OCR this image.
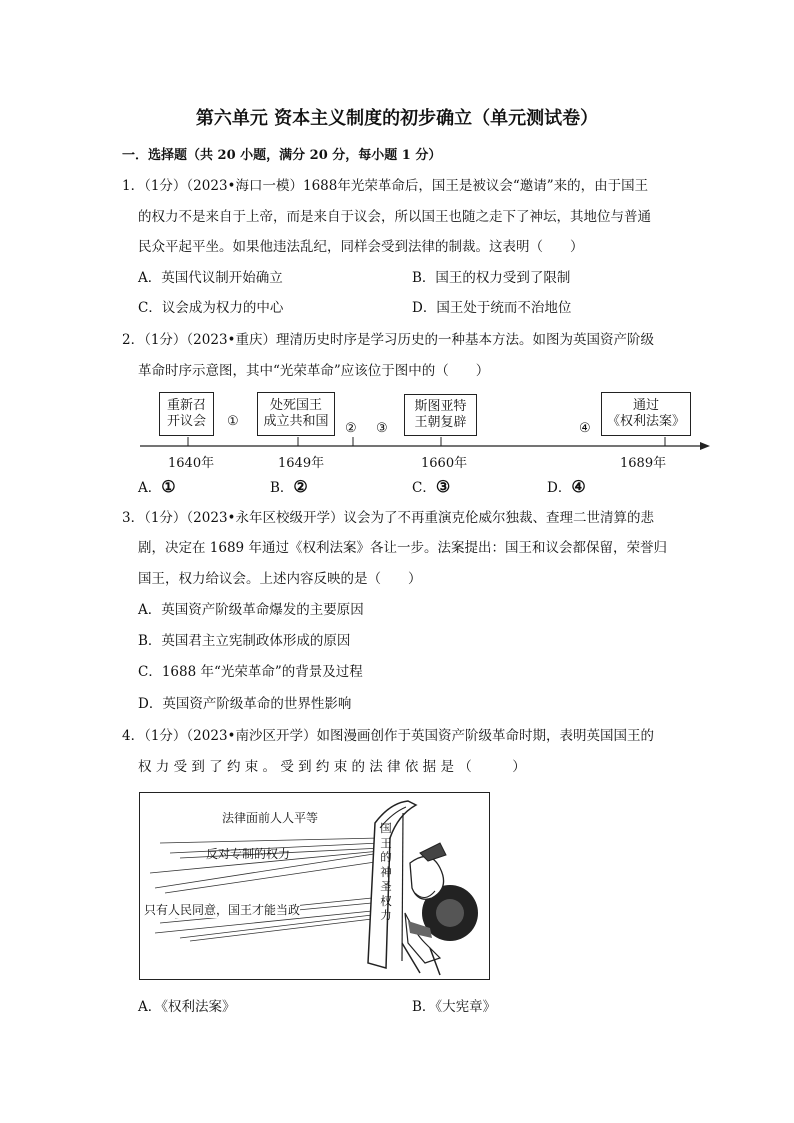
第六单元 资本主义制度的初步确立（单元测试卷）
一．选择题（共 20 小题，满分 20 分，每小题 1 分）
1．（1分）（2023•海口一模）1688年光荣革命后，国王是被议会“邀请”来的，由于国王
的权力不是来自于上帝，而是来自于议会，所以国王也随之走下了神坛，其地位与普通
民众平起平坐。如果他违法乱纪，同样会受到法律的制裁。这表明（　　）
A．英国代议制开始确立	B．国王的权力受到了限制
C．议会成为权力的中心	D．国王处于统而不治地位
2．（1分）（2023•重庆）理清历史时序是学习历史的一种基本方法。如图为英国资产阶级
革命时序示意图，其中“光荣革命”应该位于图中的（　　）
重新召
开议会
处死国王
成立共和国
斯图亚特
王朝复辟
通过
《权利法案》
①	② ③	④
1640年	1649年	1660年	1689年
A．①	B．②	C．③	D．④
3．（1分）（2023•永年区校级开学）议会为了不再重演克伦威尔独裁、查理二世清算的悲
剧，决定在 1689 年通过《权利法案》各让一步。法案提出：国王和议会都保留，荣誉归
国王，权力给议会。上述内容反映的是（　　）
A．英国资产阶级革命爆发的主要原因
B．英国君主立宪制政体形成的原因
C．1688 年“光荣革命”的背景及过程
D．英国资产阶级革命的世界性影响
4．（1分）（2023•南沙区开学）如图漫画创作于英国资产阶级革命时期，表明英国国王的
权 力 受 到 了 约 束 。 受 到 约 束 的 法 律 依 据 是 （　　　）
法律面前人人平等
反对专制的权力
只有人民同意，国王才能当政
国
王
的
神
圣
权
力
A．《权利法案》	B．《大宪章》
